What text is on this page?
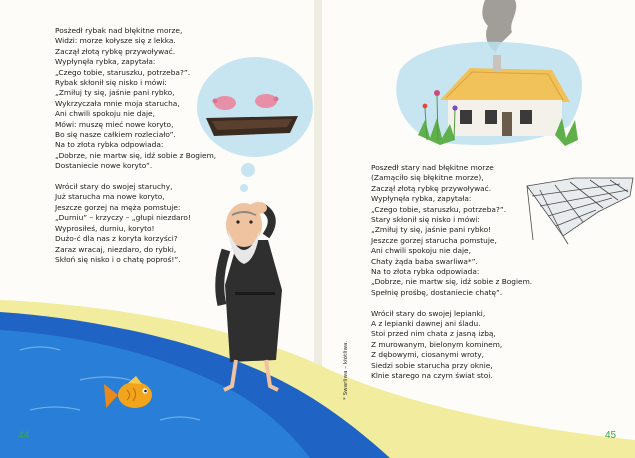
Posżedł rybak nad błękitne morze,
Widzi: morze kołysze się z lekka.
Zaczął złotą rybkę przywoływać.
Wypłynęła rybka, zapytała:
„Czego tobie, staruszku, potrzeba?”.
Rybak skłonił się nisko i mówi:
„Zmiłuj ty się, jaśnie pani rybko,
Wykrzyczała mnie moja starucha,
Ani chwili spokoju nie daje,
Mówi: muszę mieć nowe koryto,
Bo się nasze całkiem rozleciało”.
Na to złota rybka odpowiada:
„Dobrze, nie martw się, idź sobie z Bogiem,
Dostaniecie nowe koryto”.
Wrócił stary do swojej staruchy,
Już starucha ma nowe koryto,
Jeszcze gorzej na męża pomstuje:
„Durniu” – krzyczy – „głupi niezdaro!
Wyprosiłeś, durniu, koryto!
Dużo-ć dla nas z koryta korzyści?
Zaraz wracaj, niezdaro, do rybki,
Skłoń się nisko i o chatę poproś!”.
Poszedł stary nad błękitne morze
(Zamąciło się błękitne morze),
Zaczął złotą rybkę przywoływać.
Wypłynęła rybka, zapytała:
„Czego tobie, staruszku, potrzeba?”.
Stary skłonił się nisko i mówi:
„Zmiłuj ty się, jaśnie pani rybko!
Jeszcze gorzej starucha pomstuje,
Ani chwili spokoju nie daje,
Chaty żąda baba swarliwa*”.
Na to złota rybka odpowiada:
„Dobrze, nie martw się, idź sobie z Bogiem.
Spełnię prośbę, dostaniecie chatę”.
Wrócił stary do swojej lepianki,
A z lepianki dawnej ani śladu.
Stoi przed nim chata z jasną izbą,
Z murowanym, bielonym kominem,
Z dębowymi, ciosanymi wroty,
Siedzi sobie starucha przy oknie,
Klnie starego na czym świat stoi.
* Swarliwa – kłótliwa.
44	45
